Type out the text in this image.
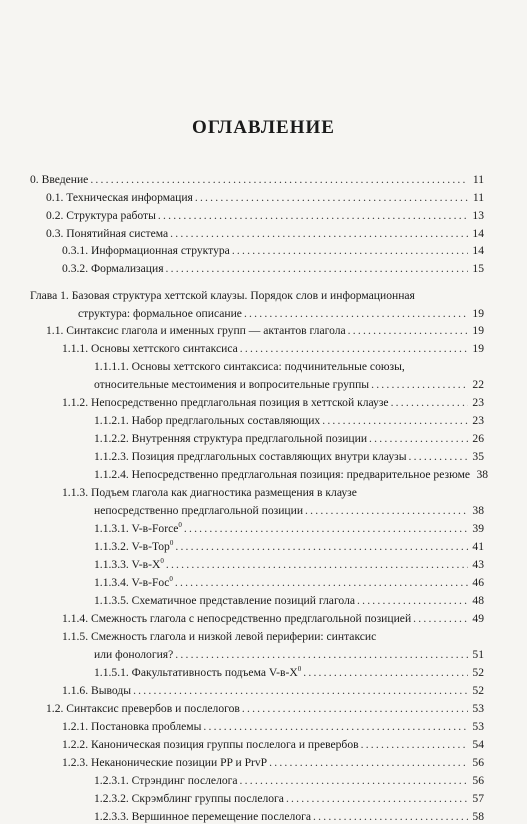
ОГЛАВЛЕНИЕ
0. Введение .....	11
0.1. Техническая информация .....	11
0.2. Структура работы .....	13
0.3. Понятийная система .....	14
0.3.1. Информационная структура .....	14
0.3.2. Формализация .....	15
Глава 1. Базовая структура хеттской клаузы. Порядок слов и информационная
структура: формальное описание .....	19
1.1. Синтаксис глагола и именных групп — актантов глагола .....	19
1.1.1. Основы хеттского синтаксиса .....	19
1.1.1.1. Основы хеттского синтаксиса: подчинительные союзы,
относительные местоимения и вопросительные группы .....	22
1.1.2. Непосредственно предглагольная позиция в хеттской клаузе .....	23
1.1.2.1. Набор предглагольных составляющих .....	23
1.1.2.2. Внутренняя структура предглагольной позиции .....	26
1.1.2.3. Позиция предглагольных составляющих внутри клаузы .....	35
1.1.2.4. Непосредственно предглагольная позиция: предварительное резюме 38
1.1.3. Подъем глагола как диагностика размещения в клаузе
непосредственно предглагольной позиции .....	38
1.1.3.1. V-в-Force$^0$ .....	39
1.1.3.2. V-в-Top$^0$ .....	41
1.1.3.3. $V-в-X^0$ .....	43
1.1.3.4. V-в-Foc$^0$ .....	46
1.1.3.5. Схематичное представление позиций глагола .....	48
1.1.4. Смежность глагола с непосредственно предглагольной позицией .....	49
1.1.5. Смежность глагола и низкой левой периферии: синтаксис
или фонология? .....	51
1.1.5.1. Факультативность подъема $V-в-X^0$ .....	52
1.1.6. Выводы .....	52
1.2. Синтаксис превербов и послелогов .....	53
1.2.1. Постановка проблемы .....	53
1.2.2. Каноническая позиция группы послелога и превербов .....	54
1.2.3. Неканонические позиции PP и PrvP .....	56
1.2.3.1. Стрэндинг послелога .....	56
1.2.3.2. Скрэмблинг группы послелога .....	57
1.2.3.3. Вершинное перемещение послелога .....	58
